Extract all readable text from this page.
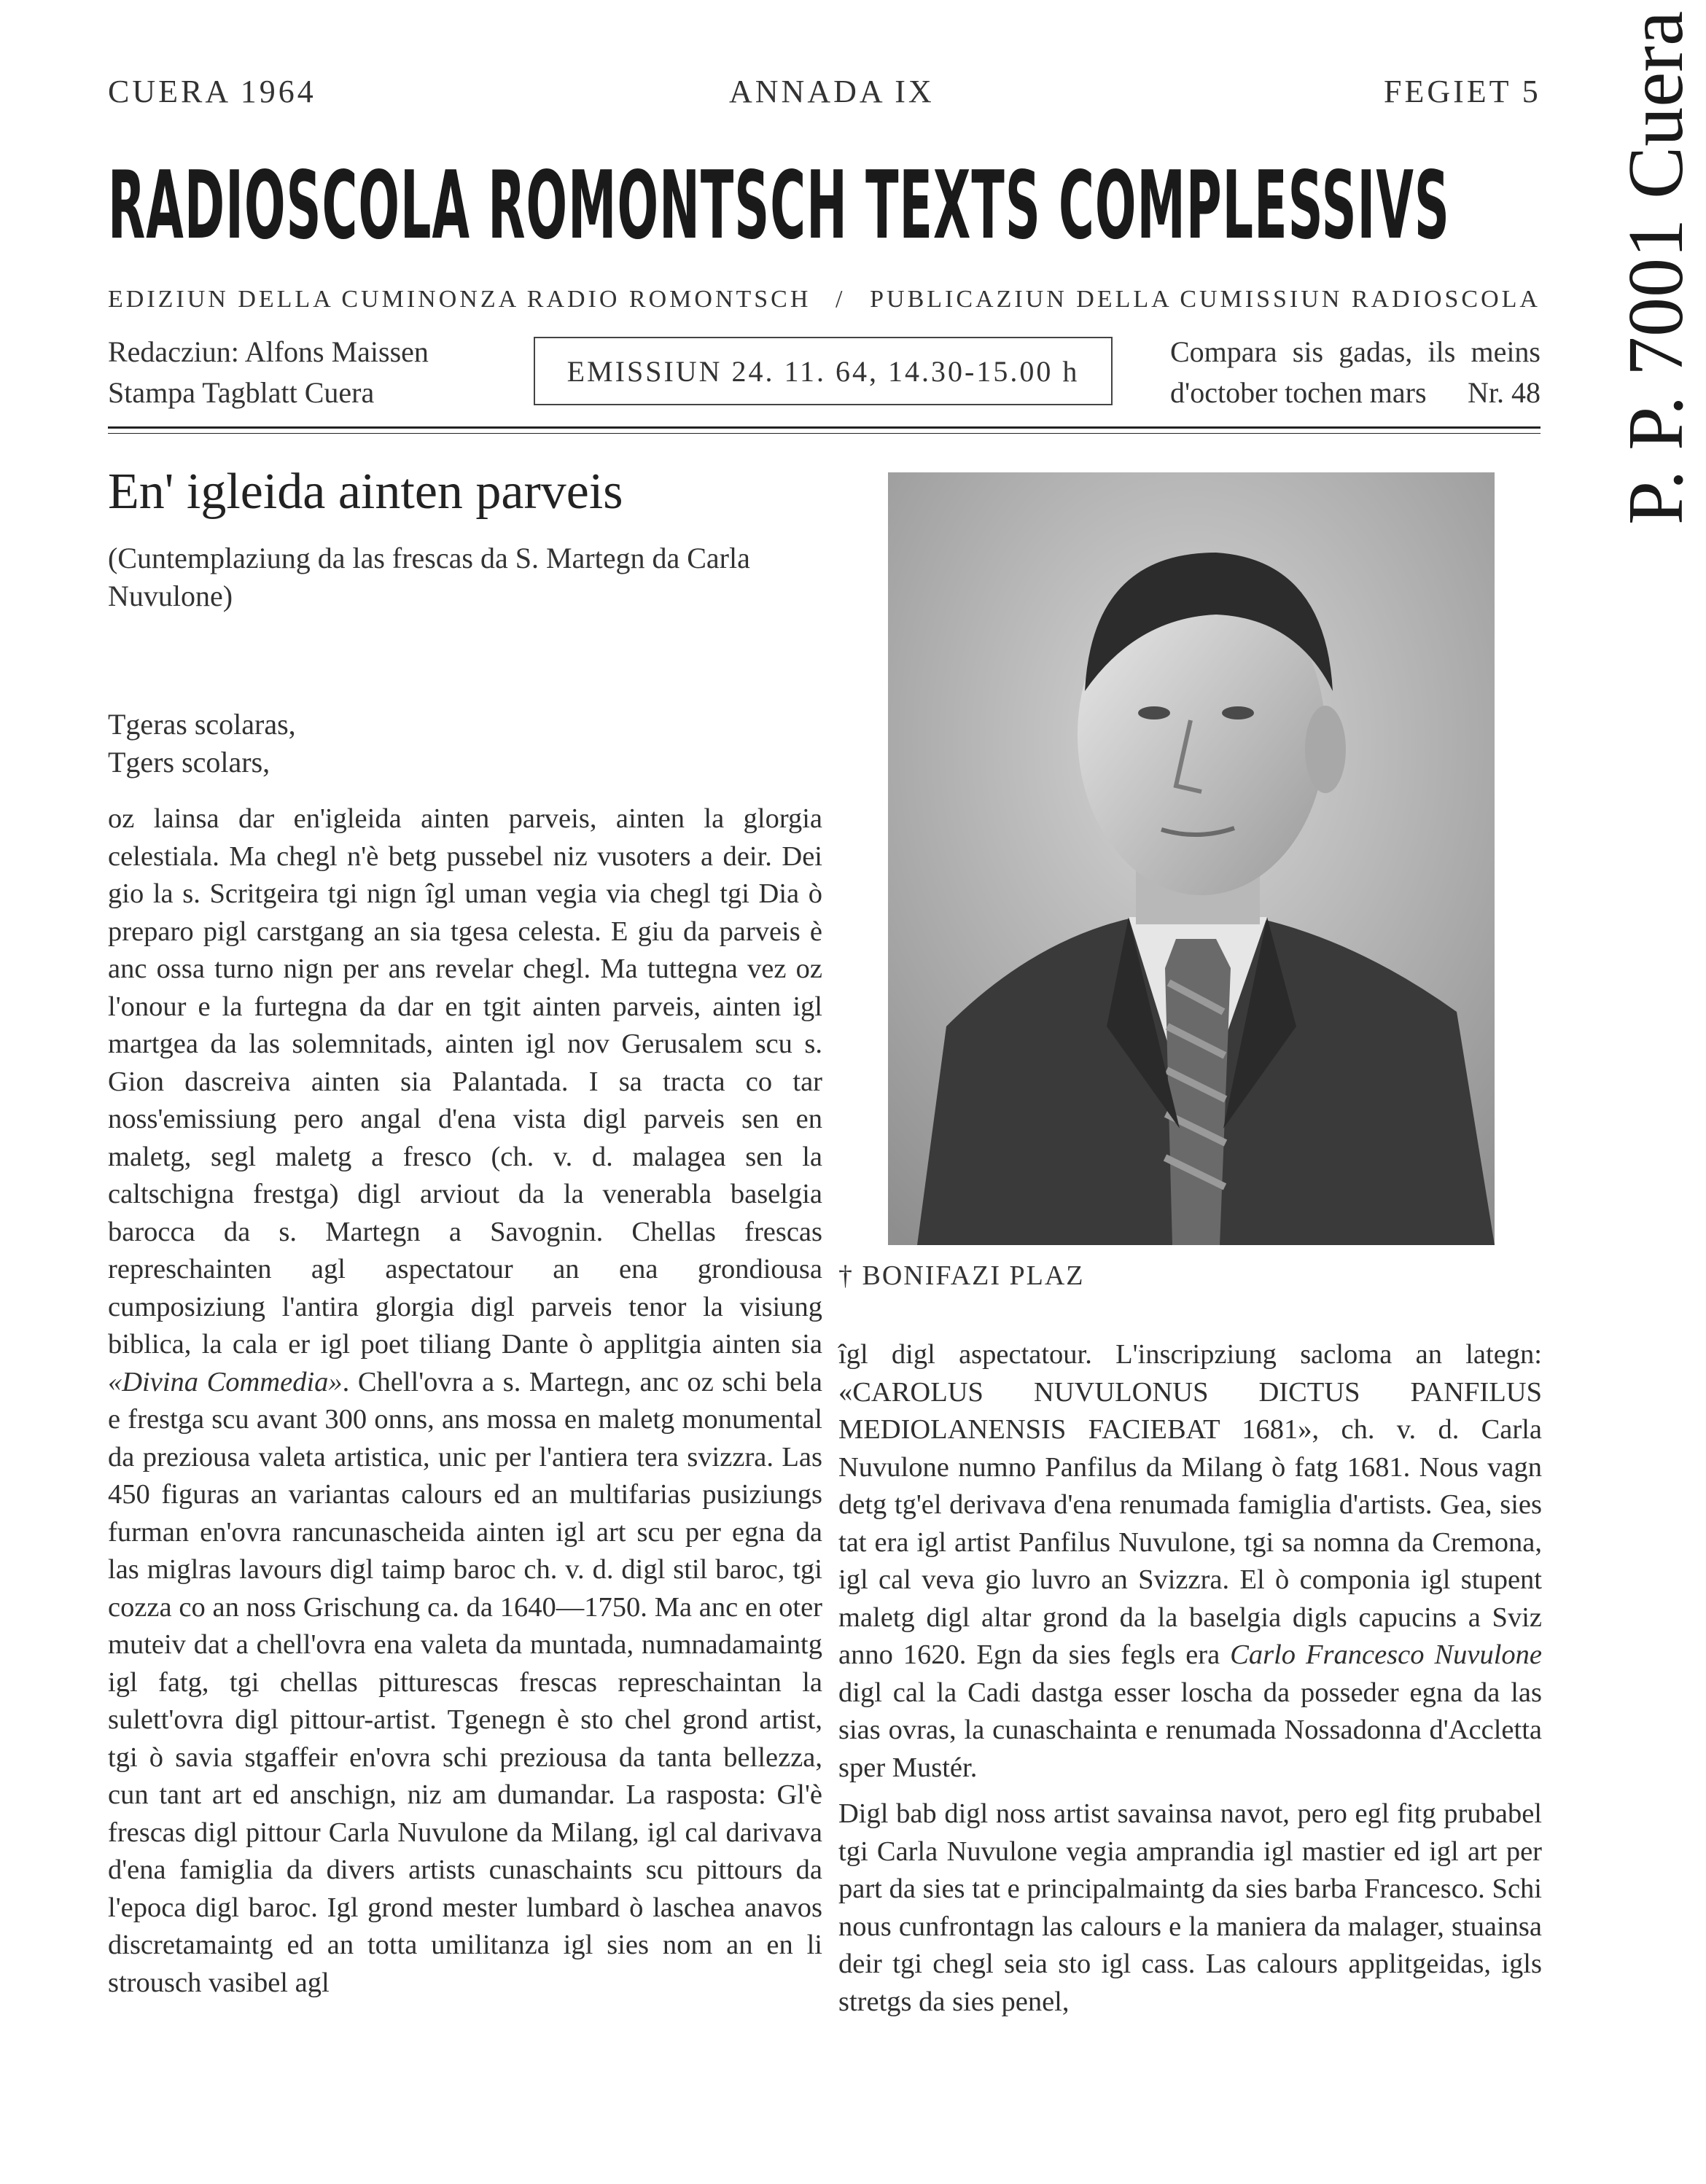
CUERA 1964	ANNADA IX	FEGIET 5
RADIOSCOLA ROMONTSCH TEXTS COMPLESSIVS
EDIZIUN DELLA CUMINONZA RADIO ROMONTSCH / PUBLICAZIUN DELLA CUMISSIUN RADIOSCOLA
Redacziun: Alfons Maissen
Stampa Tagblatt Cuera
EMISSIUN 24. 11. 64, 14.30-15.00 h
Compara sis gadas, ils meins
d'october tochen mars Nr. 48 P. P. 7001 Cuera
En' igleida ainten parveis
(Cuntemplaziung da las frescas da S. Martegn da Carla Nuvulone)
Tgeras scolaras,
Tgers scolars,

oz lainsa dar en'igleida ainten parveis, ainten la glorgia celestiala. Ma chegl n'è betg pussebel niz vusoters a deir. Dei gio la s. Scritgeira tgi nign îgl uman vegia via chegl tgi Dia ò preparo pigl carstgang an sia tgesa celesta. E giu da parveis è anc ossa turno nign per ans revelar chegl. Ma tuttegna vez oz l'onour e la furtegna da dar en tgit ainten parveis, ainten igl martgea da las solemnitads, ainten igl nov Gerusalem scu s. Gion dascreiva ainten sia Palantada. I sa tracta co tar noss'emissiung pero angal d'ena vista digl parveis sen en maletg, segl maletg a fresco (ch. v. d. malagea sen la caltschigna frestga) digl arviout da la venerabla baselgia barocca da s. Martegn a Savognin. Chellas frescas represchainten agl aspectatour an ena grondiousa cumposiziung l'antira glorgia digl parveis tenor la visiung biblica, la cala er igl poet tiliang Dante ò applitgia ainten sia «Divina Commedia». Chell'ovra a s. Martegn, anc oz schi bela e frestga scu avant 300 onns, ans mossa en maletg monumental da preziousa valeta artistica, unic per l'antiera tera svizzra. Las 450 figuras an variantas calours ed an multifarias pusiziungs furman en'ovra rancunascheida ainten igl art scu per egna da las miglras lavours digl taimp baroc ch. v. d. digl stil baroc, tgi cozza co an noss Grischung ca. da 1640—1750. Ma anc en oter muteiv dat a chell'ovra ena valeta da muntada, numnadamaintg igl fatg, tgi chellas pitturescas frescas represchaintan la sulett'ovra digl pittour-artist. Tgenegn è sto chel grond artist, tgi ò savia stgaffeir en'ovra schi preziousa da tanta bellezza, cun tant art ed anschign, niz am dumandar. La rasposta: Gl'è frescas digl pittour Carla Nuvulone da Milang, igl cal darivava d'ena famiglia da divers artists cunaschaints scu pittours da l'epoca digl baroc. Igl grond mester lumbard ò laschea anavos discretamaintg ed an totta umilitanza igl sies nom an en li strousch vasibel agl

† BONIFAZI PLAZ

îgl digl aspectatour. L'inscripziung sacloma an lategn: «CAROLUS NUVULONUS DICTUS PANFILUS MEDIOLANENSIS FACIEBAT 1681», ch. v. d. Carla Nuvulone numno Panfilus da Milang ò fatg 1681. Nous vagn detg tg'el derivava d'ena renumada famiglia d'artists. Gea, sies tat era igl artist Panfilus Nuvulone, tgi sa nomna da Cremona, igl cal veva gio luvro an Svizzra. El ò componia igl stupent maletg digl altar grond da la baselgia digls capucins a Sviz anno 1620. Egn da sies fegls era Carlo Francesco Nuvulone digl cal la Cadi dastga esser loscha da posseder egna da las sias ovras, la cunaschainta e renumada Nossadonna d'Accletta sper Mustér.

Digl bab digl noss artist savainsa navot, pero egl fitg prubabel tgi Carla Nuvulone vegia amprandia igl mastier ed igl art per part da sies tat e principalmaintg da sies barba Francesco. Schi nous cunfrontagn las calours e la maniera da malager, stuainsa deir tgi chegl seia sto igl cass. Las calours applitgeidas, igls stretgs da sies penel,
